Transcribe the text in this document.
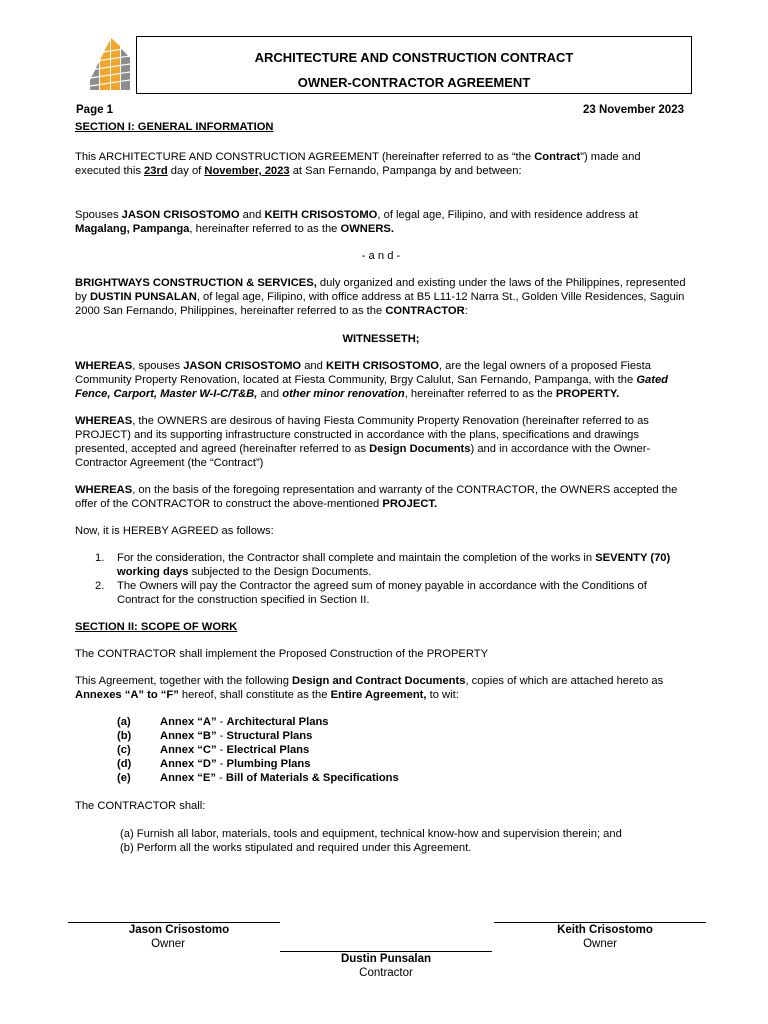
ARCHITECTURE AND CONSTRUCTION CONTRACT
OWNER-CONTRACTOR AGREEMENT
Page 1	23 November 2023

SECTION I: GENERAL INFORMATION

This ARCHITECTURE AND CONSTRUCTION AGREEMENT (hereinafter referred to as “the Contract”) made and executed this 23rd day of November, 2023 at San Fernando, Pampanga by and between:

Spouses JASON CRISOSTOMO and KEITH CRISOSTOMO, of legal age, Filipino, and with residence address at Magalang, Pampanga, hereinafter referred to as the OWNERS.

- a n d -

BRIGHTWAYS CONSTRUCTION & SERVICES, duly organized and existing under the laws of the Philippines, represented by DUSTIN PUNSALAN, of legal age, Filipino, with office address at B5 L11-12 Narra St., Golden Ville Residences, Saguin 2000 San Fernando, Philippines, hereinafter referred to as the CONTRACTOR:

WITNESSETH;

WHEREAS, spouses JASON CRISOSTOMO and KEITH CRISOSTOMO, are the legal owners of a proposed Fiesta Community Property Renovation, located at Fiesta Community, Brgy Calulut, San Fernando, Pampanga, with the Gated Fence, Carport, Master W-I-C/T&B, and other minor renovation, hereinafter referred to as the PROPERTY.

WHEREAS, the OWNERS are desirous of having Fiesta Community Property Renovation (hereinafter referred to as PROJECT) and its supporting infrastructure constructed in accordance with the plans, specifications and drawings presented, accepted and agreed (hereinafter referred to as Design Documents) and in accordance with the Owner-Contractor Agreement (the “Contract”)

WHEREAS, on the basis of the foregoing representation and warranty of the CONTRACTOR, the OWNERS accepted the offer of the CONTRACTOR to construct the above-mentioned PROJECT.

Now, it is HEREBY AGREED as follows:

1. For the consideration, the Contractor shall complete and maintain the completion of the works in SEVENTY (70) working days subjected to the Design Documents.
2. The Owners will pay the Contractor the agreed sum of money payable in accordance with the Conditions of Contract for the construction specified in Section II.

SECTION II: SCOPE OF WORK

The CONTRACTOR shall implement the Proposed Construction of the PROPERTY

This Agreement, together with the following Design and Contract Documents, copies of which are attached hereto as Annexes “A” to “F” hereof, shall constitute as the Entire Agreement, to wit:

(a)	Annex “A” - Architectural Plans
(b)	Annex “B” - Structural Plans
(c)	Annex “C” - Electrical Plans
(d)	Annex “D” - Plumbing Plans
(e)	Annex “E” - Bill of Materials & Specifications

The CONTRACTOR shall:

(a) Furnish all labor, materials, tools and equipment, technical know-how and supervision therein; and

(b) Perform all the works stipulated and required under this Agreement.

Jason Crisostomo
Owner
Keith Crisostomo
Owner
Dustin Punsalan
Contractor
